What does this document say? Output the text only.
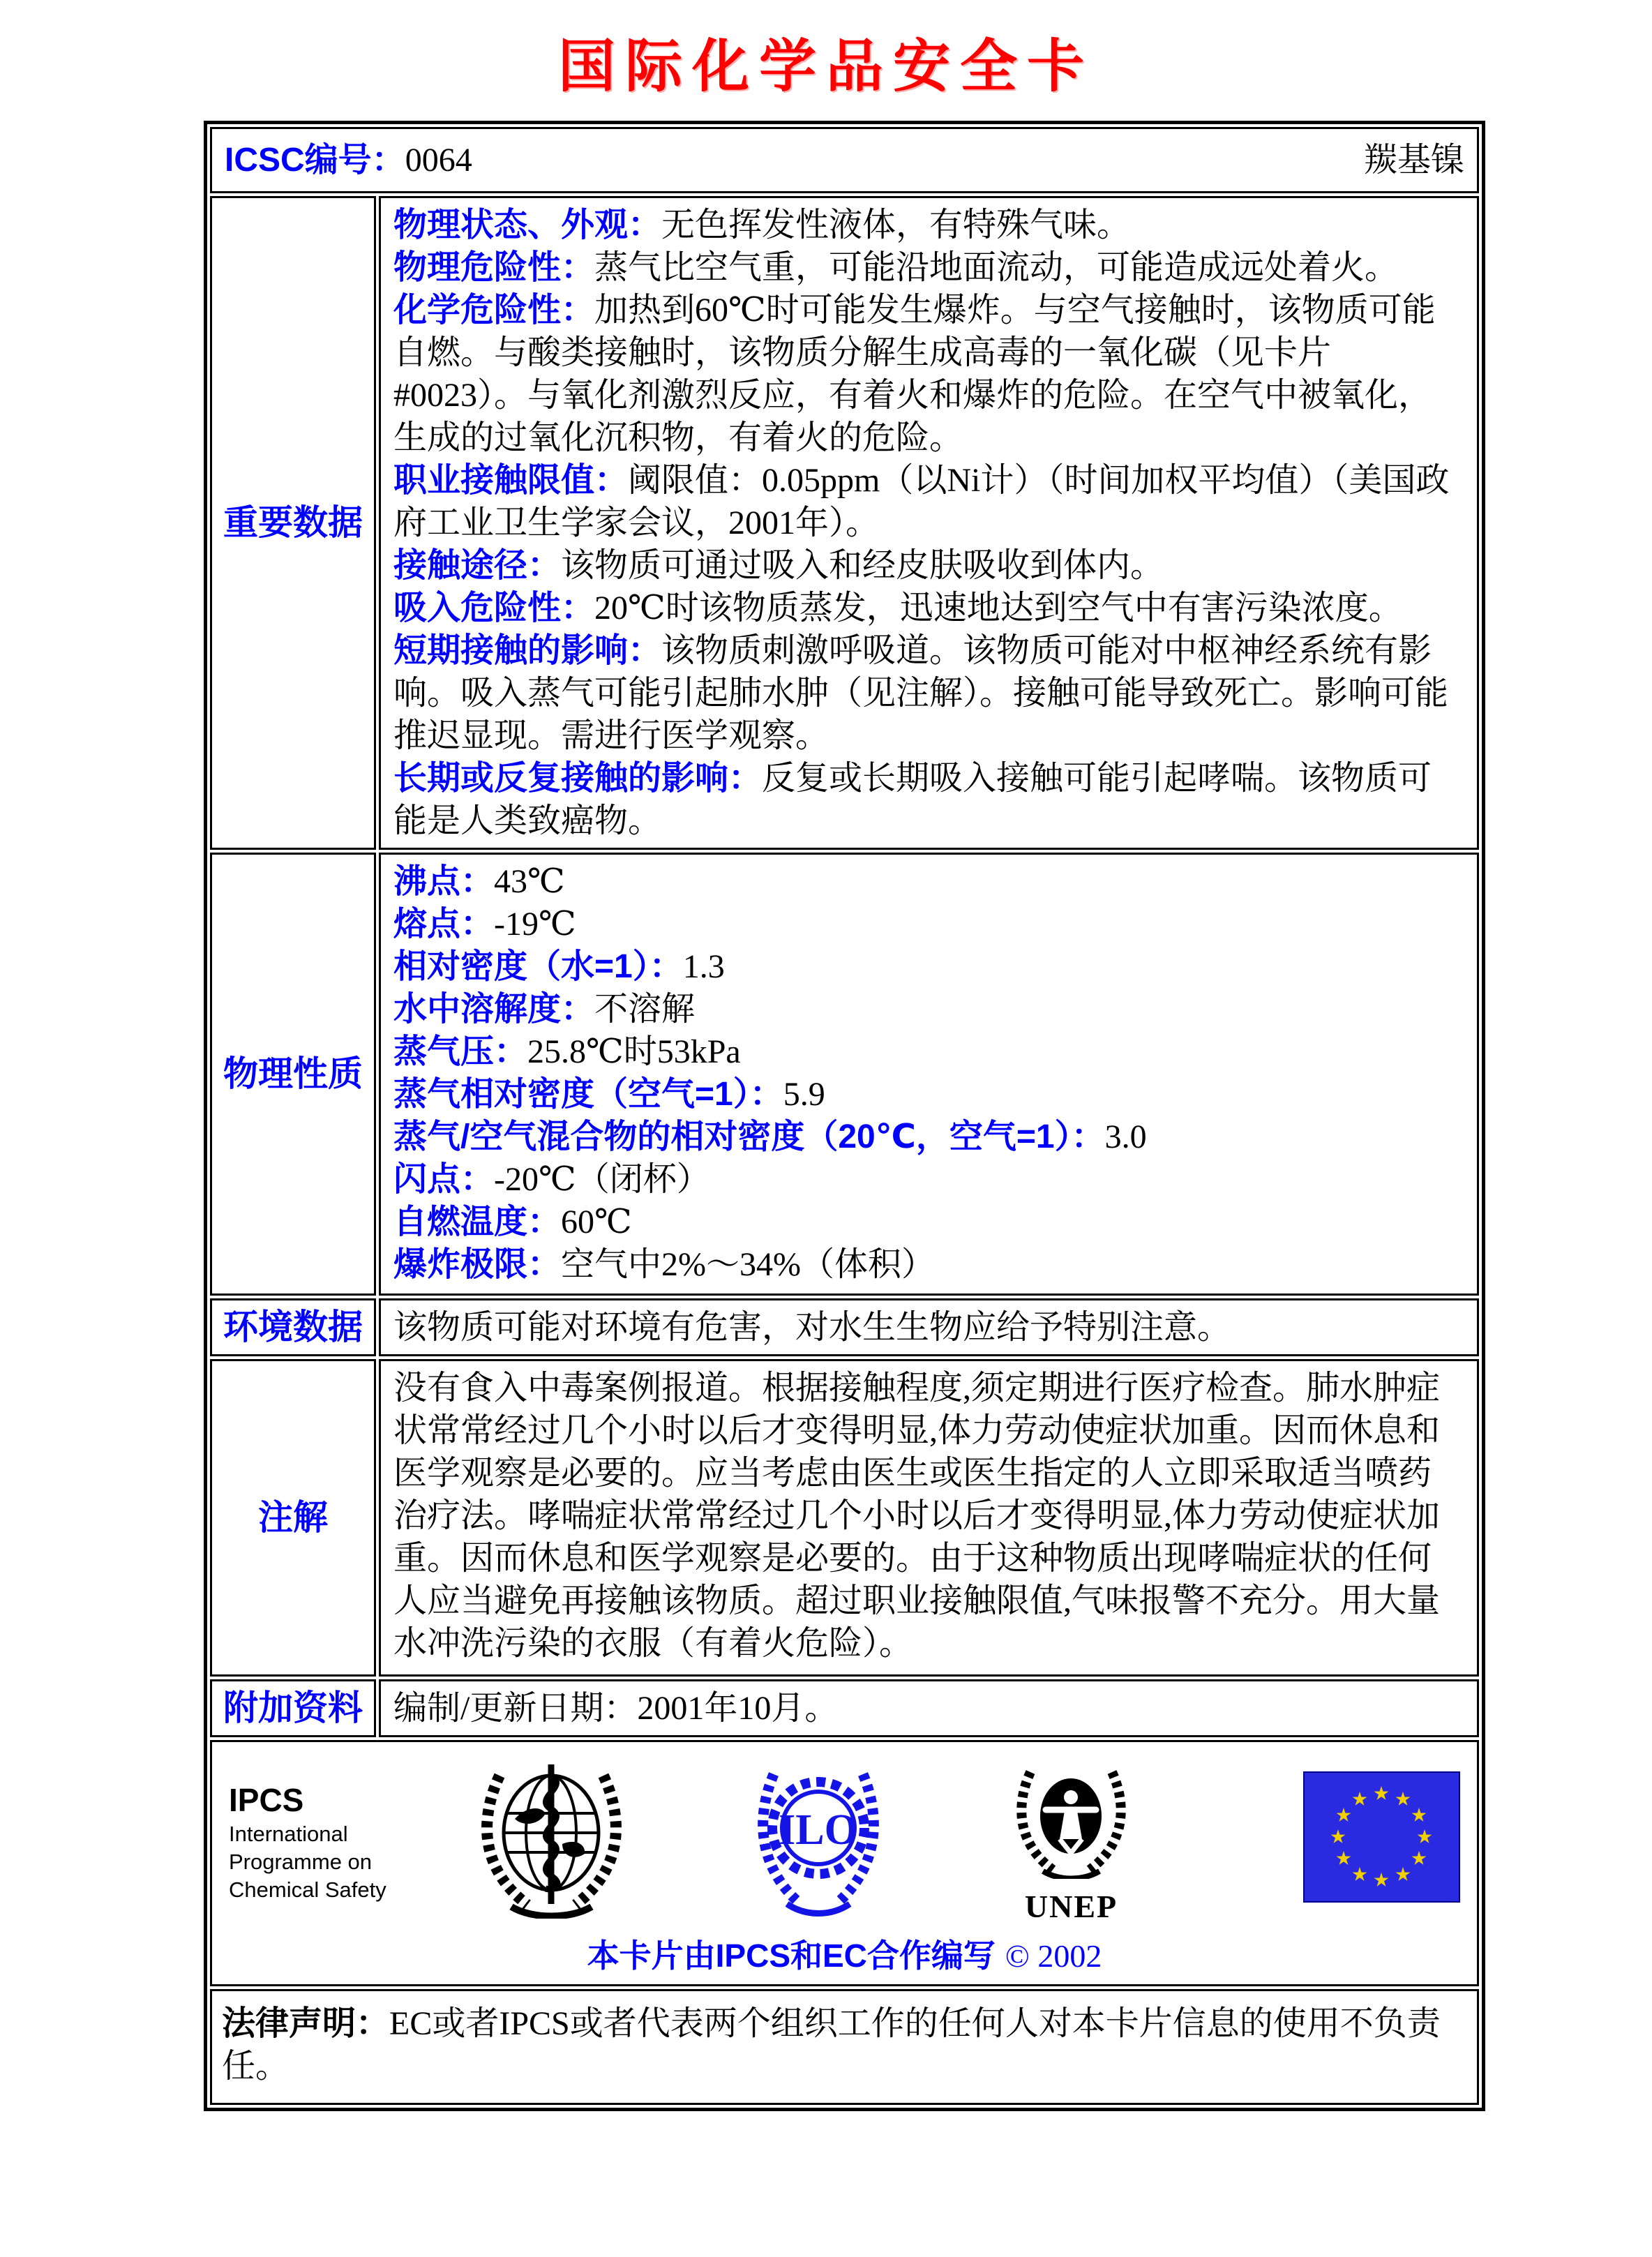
国际化学品安全卡
ICSC编号：0064 羰基镍	

重要数据	

物理状态、外观：无色挥发性液体，有特殊气味。

物理危险性：蒸气比空气重，可能沿地面流动，可能造成远处着火。

化学危险性：加热到60℃时可能发生爆炸。与空气接触时，该物质可能自燃。与酸类接触时，该物质分解生成高毒的一氧化碳（见卡片#0023）。与氧化剂激烈反应，有着火和爆炸的危险。在空气中被氧化，生成的过氧化沉积物，有着火的危险。

职业接触限值：阈限值：0.05ppm（以Ni计）（时间加权平均值）（美国政府工业卫生学家会议，2001年）。

接触途径：该物质可通过吸入和经皮肤吸收到体内。

吸入危险性：20℃时该物质蒸发，迅速地达到空气中有害污染浓度。

短期接触的影响：该物质刺激呼吸道。该物质可能对中枢神经系统有影响。吸入蒸气可能引起肺水肿（见注解）。接触可能导致死亡。影响可能推迟显现。需进行医学观察。

长期或反复接触的影响：反复或长期吸入接触可能引起哮喘。该物质可能是人类致癌物。

物理性质	
沸点：43℃
熔点：-19℃
相对密度（水=1）：1.3
水中溶解度：不溶解
蒸气压：25.8℃时53kPa
蒸气相对密度（空气=1）：5.9
蒸气/空气混合物的相对密度（20℃，空气=1）：3.0
闪点：-20℃（闭杯）
自燃温度：60℃
爆炸极限：空气中2%～34%（体积）

环境数据	该物质可能对环境有危害，对水生生物应给予特别注意。
注解	没有食入中毒案例报道。根据接触程度,须定期进行医疗检查。肺水肿症状常常经过几个小时以后才变得明显,体力劳动使症状加重。因而休息和医学观察是必要的。应当考虑由医生或医生指定的人立即采取适当喷药治疗法。哮喘症状常常经过几个小时以后才变得明显,体力劳动使症状加重。因而休息和医学观察是必要的。由于这种物质出现哮喘症状的任何人应当避免再接触该物质。超过职业接触限值,气味报警不充分。用大量水冲洗污染的衣服（有着火危险）。
附加资料	编制/更新日期：2001年10月。

IPCS
International
Programme on
Chemical Safety
ILO
UNEP
本卡片由IPCS和EC合作编写 © 2002

法律声明：EC或者IPCS或者代表两个组织工作的任何人对本卡片信息的使用不负责任。	
